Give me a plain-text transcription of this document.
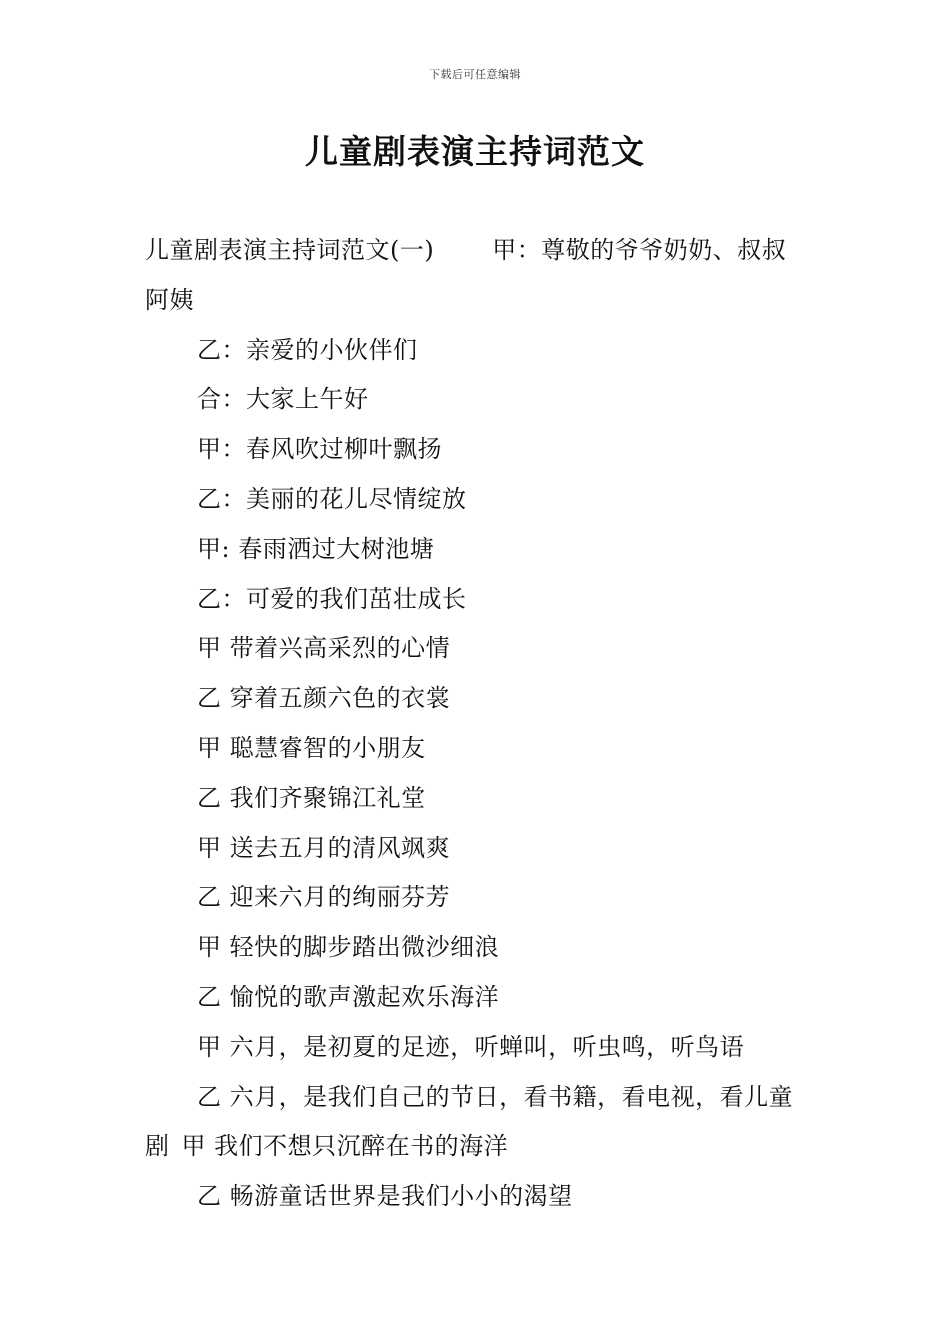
下载后可任意编辑
儿童剧表演主持词范文

儿童剧表演主持词范文(一) 甲：尊敬的爷爷奶奶、叔叔阿姨

乙：亲爱的小伙伴们

合：大家上午好

甲：春风吹过柳叶飘扬

乙：美丽的花儿尽情绽放

甲: 春雨洒过大树池塘

乙：可爱的我们茁壮成长

甲 带着兴高采烈的心情

乙 穿着五颜六色的衣裳

甲 聪慧睿智的小朋友

乙 我们齐聚锦江礼堂

甲 送去五月的清风飒爽

乙 迎来六月的绚丽芬芳

甲 轻快的脚步踏出微沙细浪

乙 愉悦的歌声激起欢乐海洋

甲 六月，是初夏的足迹，听蝉叫，听虫鸣，听鸟语

乙 六月，是我们自己的节日，看书籍，看电视，看儿童剧 甲 我们不想只沉醉在书的海洋

乙 畅游童话世界是我们小小的渴望
